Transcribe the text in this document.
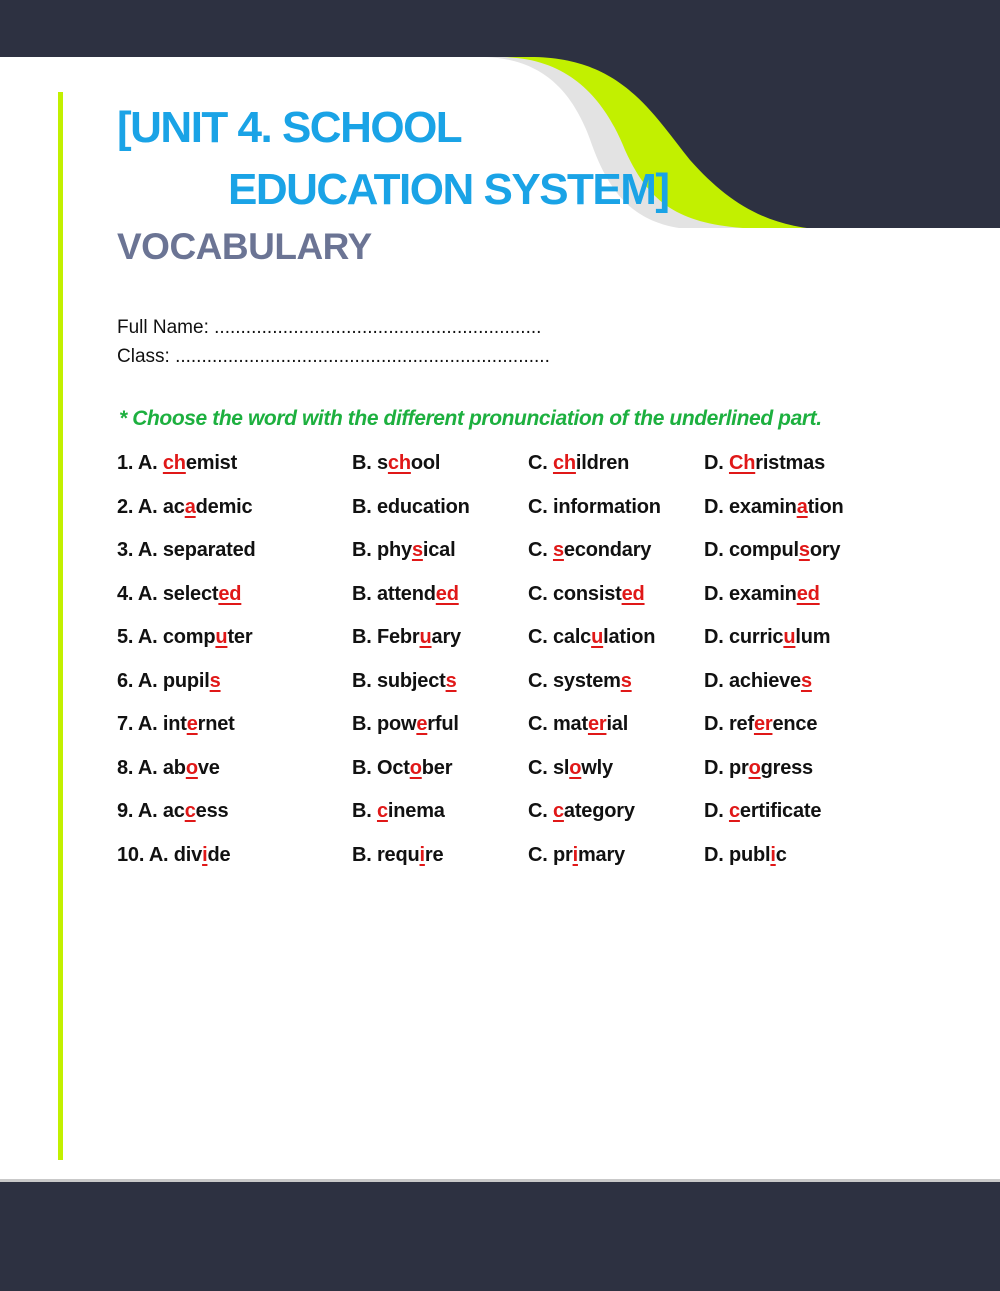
[UNIT 4. SCHOOL
EDUCATION SYSTEM]
VOCABULARY
Full Name: ..............................................................
Class: .......................................................................

* Choose the word with the different pronunciation of the underlined part.

1. A. chemist	B. school	C. children	D. Christmas
2. A. academic	B. education	C. information D. examination
3. A. separated	B. physical	C. secondary	D. compulsory
4. A. selected	B. attended	C. consisted	D. examined
5. A. computer	B. February	C. calculation D. curriculum
6. A. pupils	B. subjects	C. systems	D. achieves
7. A. internet	B. powerful	C. material	D. reference
8. A. above	B. October	C. slowly	D. progress
9. A. access	B. cinema	C. category	D. certificate
10. A. divide	B. require	C. primary	D. public
